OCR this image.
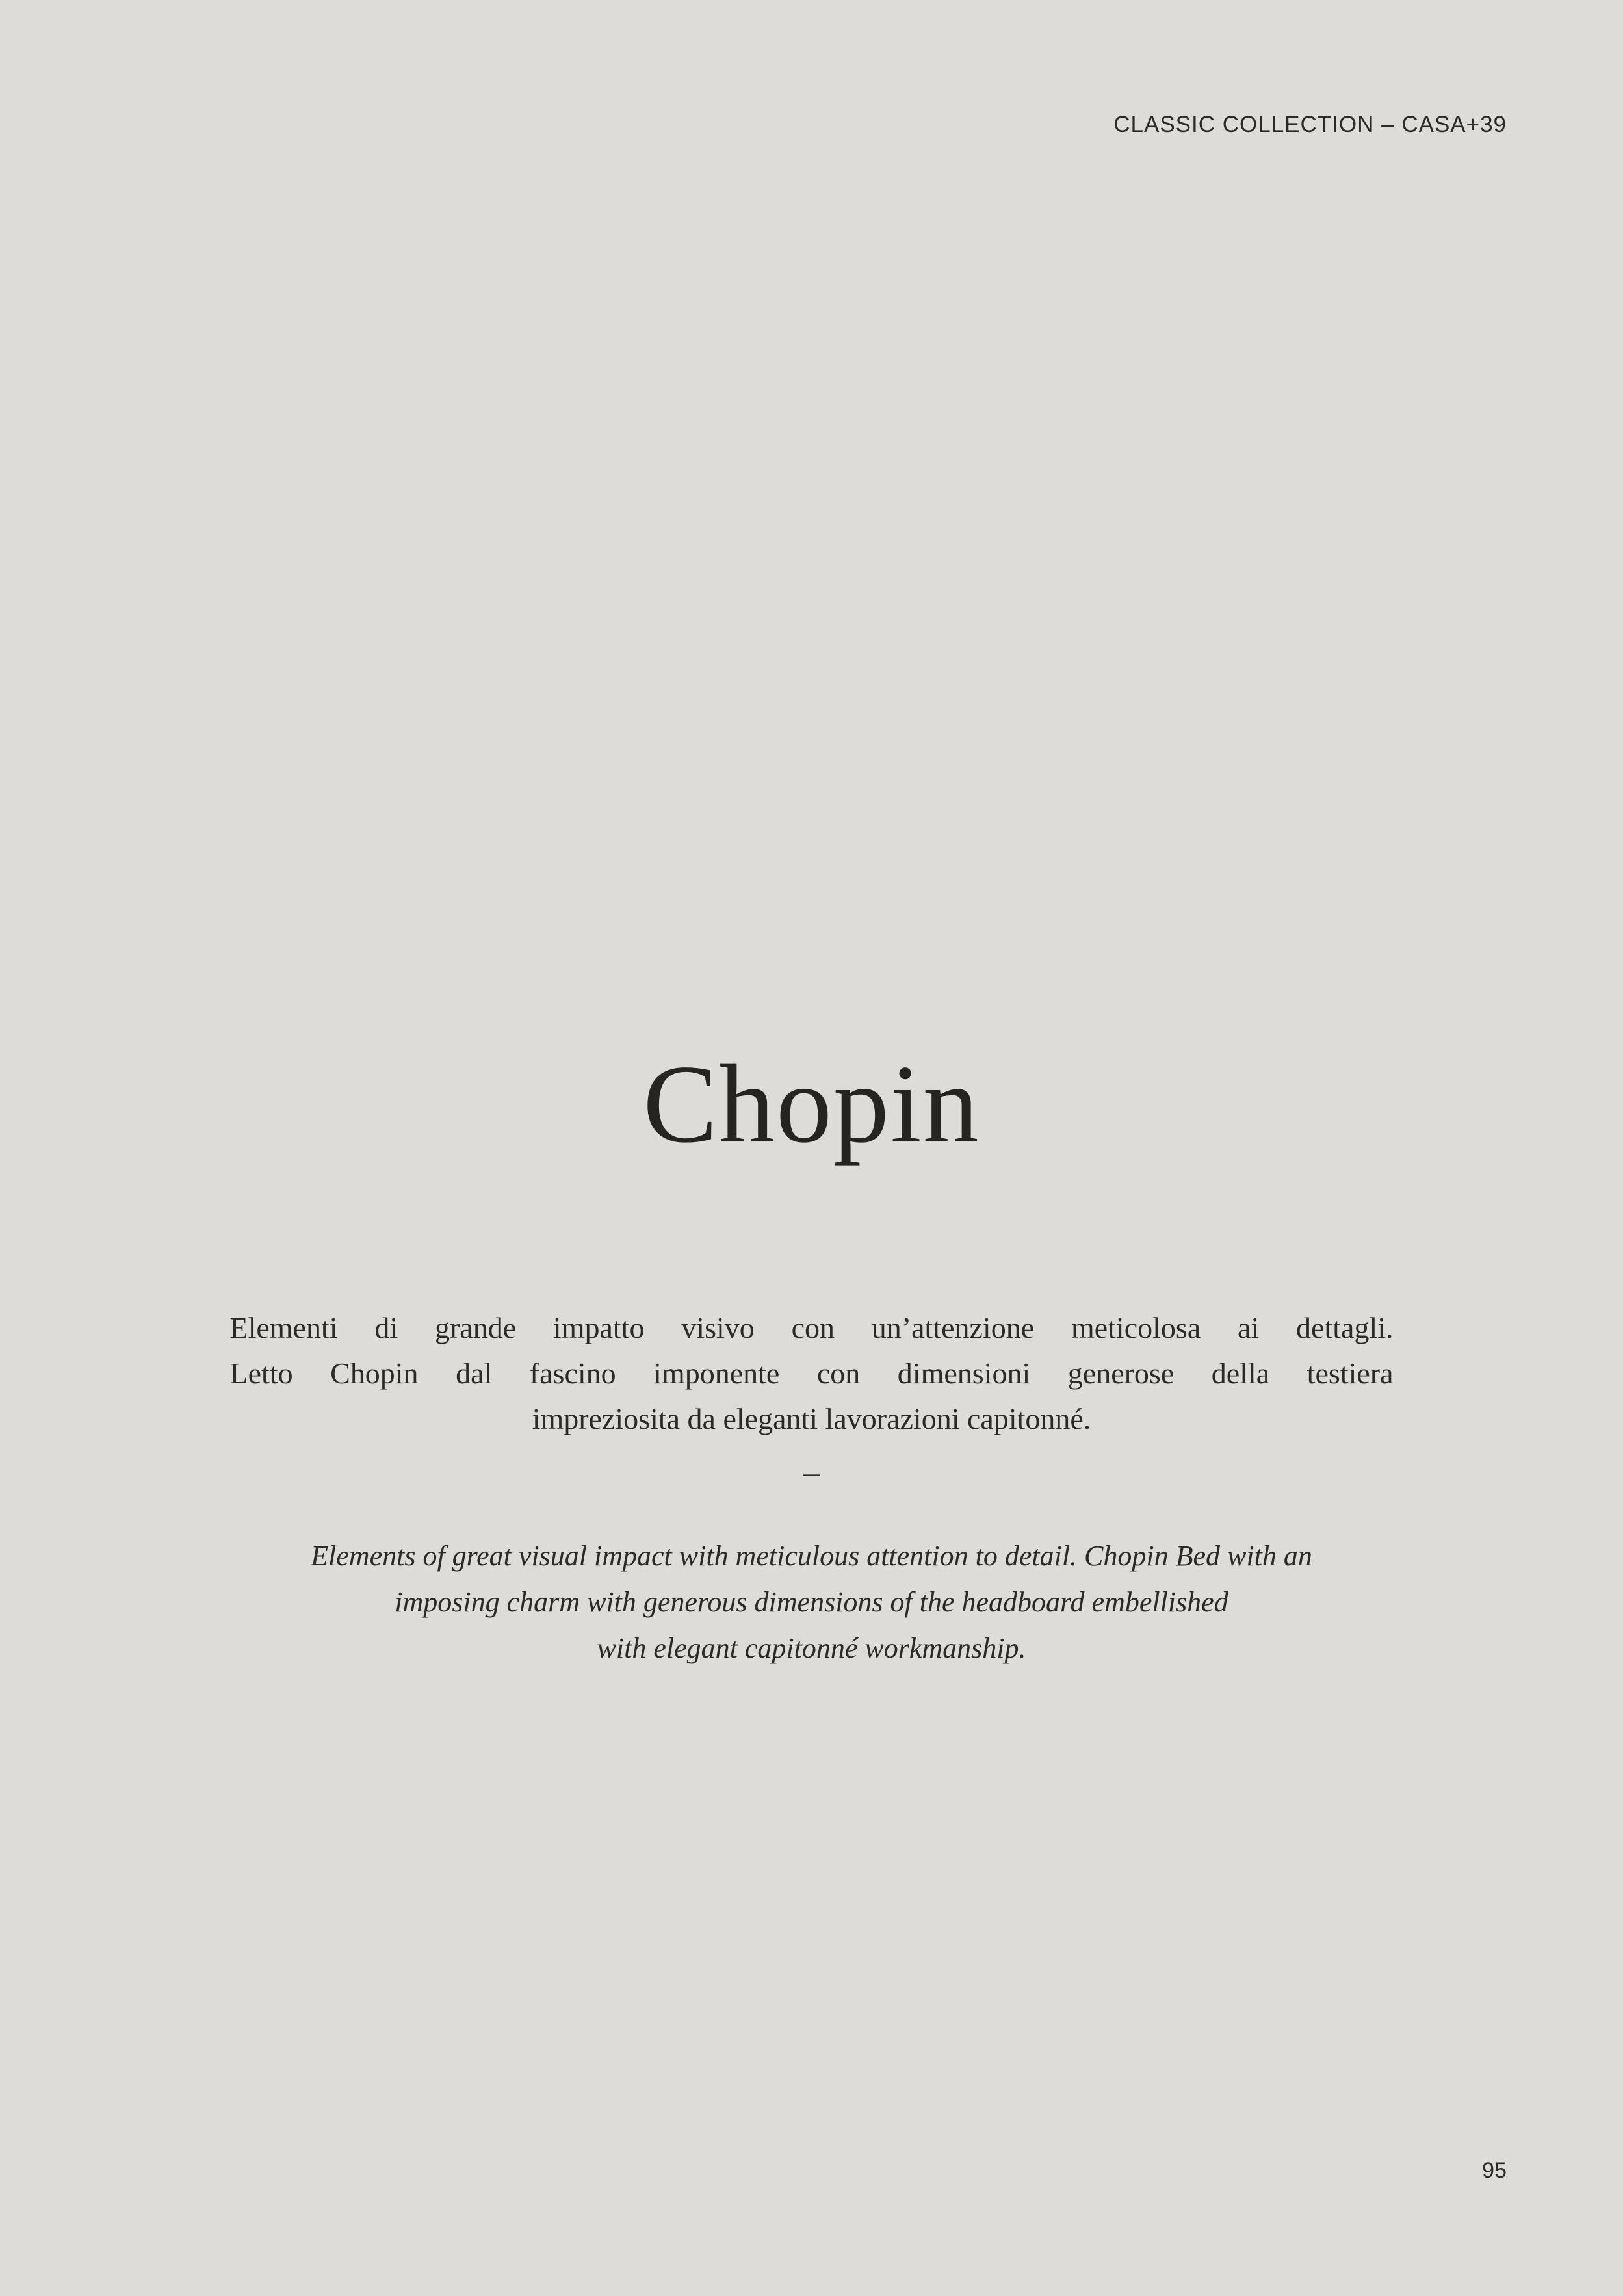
CLASSIC COLLECTION – CASA+39
Chopin
Elementi di grande impatto visivo con un’attenzione meticolosa ai dettagli.
Letto Chopin dal fascino imponente con dimensioni generose della testiera
impreziosita da eleganti lavorazioni capitonné.
–
Elements of great visual impact with meticulous attention to detail. Chopin Bed with an
imposing charm with generous dimensions of the headboard embellished
with elegant capitonné workmanship.
95
